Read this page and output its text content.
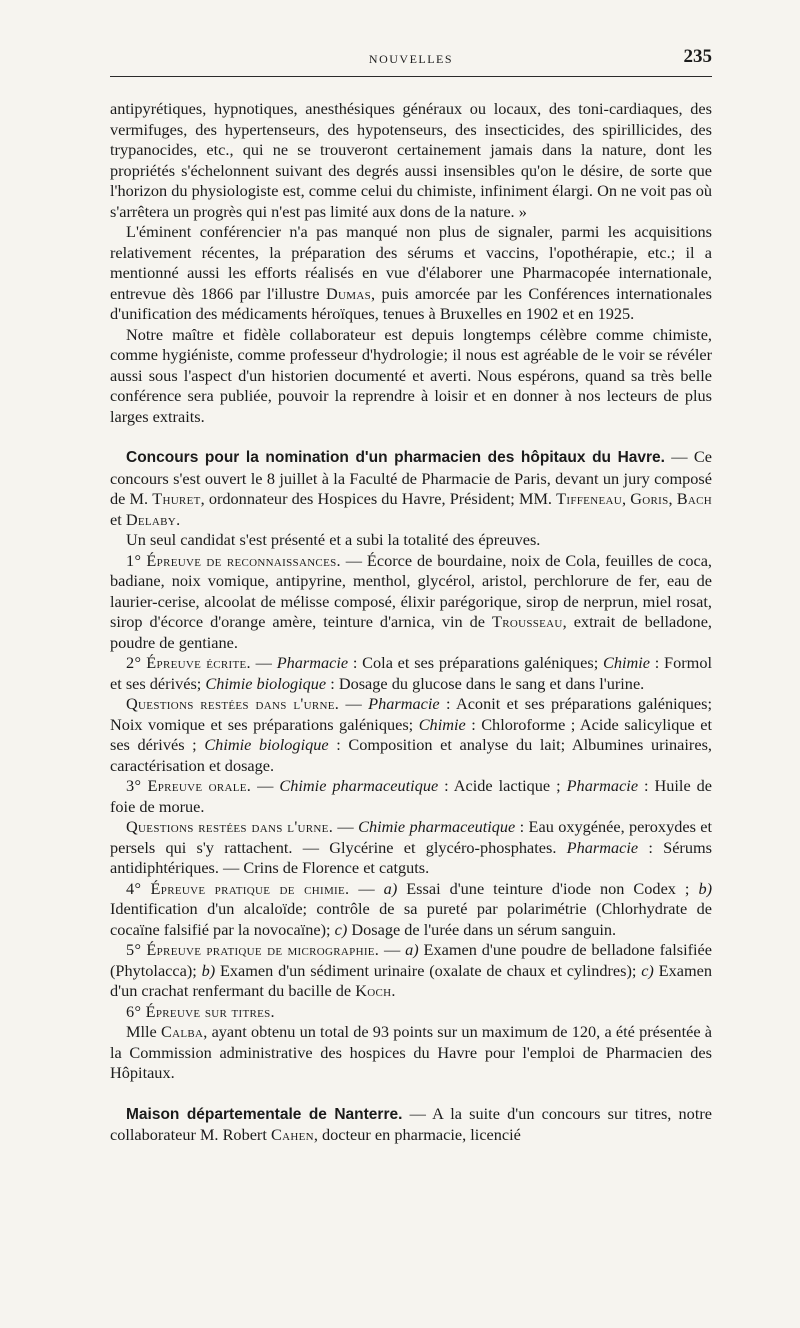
NOUVELLES	235

antipyrétiques, hypnotiques, anesthésiques généraux ou locaux, des toni-cardiaques, des vermifuges, des hypertenseurs, des hypotenseurs, des insecticides, des spirillicides, des trypanocides, etc., qui ne se trouveront certainement jamais dans la nature, dont les propriétés s'échelonnent suivant des degrés aussi insensibles qu'on le désire, de sorte que l'horizon du physiologiste est, comme celui du chimiste, infiniment élargi. On ne voit pas où s'arrêtera un progrès qui n'est pas limité aux dons de la nature. »

L'éminent conférencier n'a pas manqué non plus de signaler, parmi les acquisitions relativement récentes, la préparation des sérums et vaccins, l'opothérapie, etc.; il a mentionné aussi les efforts réalisés en vue d'élaborer une Pharmacopée internationale, entrevue dès 1866 par l'illustre Dumas, puis amorcée par les Conférences internationales d'unification des médicaments héroïques, tenues à Bruxelles en 1902 et en 1925.

Notre maître et fidèle collaborateur est depuis longtemps célèbre comme chimiste, comme hygiéniste, comme professeur d'hydrologie; il nous est agréable de le voir se révéler aussi sous l'aspect d'un historien documenté et averti. Nous espérons, quand sa très belle conférence sera publiée, pouvoir la reprendre à loisir et en donner à nos lecteurs de plus larges extraits.

Concours pour la nomination d'un pharmacien des hôpitaux du Havre. — Ce concours s'est ouvert le 8 juillet à la Faculté de Pharmacie de Paris, devant un jury composé de M. Thuret, ordonnateur des Hospices du Havre, Président; MM. Tiffeneau, Goris, Bach et Delaby.

Un seul candidat s'est présenté et a subi la totalité des épreuves.

1° Épreuve de reconnaissances. — Écorce de bourdaine, noix de Cola, feuilles de coca, badiane, noix vomique, antipyrine, menthol, glycérol, aristol, perchlorure de fer, eau de laurier-cerise, alcoolat de mélisse composé, élixir parégorique, sirop de nerprun, miel rosat, sirop d'écorce d'orange amère, teinture d'arnica, vin de Trousseau, extrait de belladone, poudre de gentiane.

2° Épreuve écrite. — Pharmacie : Cola et ses préparations galéniques; Chimie : Formol et ses dérivés; Chimie biologique : Dosage du glucose dans le sang et dans l'urine.

Questions restées dans l'urne. — Pharmacie : Aconit et ses préparations galéniques; Noix vomique et ses préparations galéniques; Chimie : Chloroforme ; Acide salicylique et ses dérivés ; Chimie biologique : Composition et analyse du lait; Albumines urinaires, caractérisation et dosage.

3° Epreuve orale. — Chimie pharmaceutique : Acide lactique ; Pharmacie : Huile de foie de morue.

Questions restées dans l'urne. — Chimie pharmaceutique : Eau oxygénée, peroxydes et persels qui s'y rattachent. — Glycérine et glycéro-phosphates. Pharmacie : Sérums antidiphtériques. — Crins de Florence et catguts.

4° Épreuve pratique de chimie. — a) Essai d'une teinture d'iode non Codex ; b) Identification d'un alcaloïde; contrôle de sa pureté par polarimétrie (Chlorhydrate de cocaïne falsifié par la novocaïne); c) Dosage de l'urée dans un sérum sanguin.

5° Épreuve pratique de micrographie. — a) Examen d'une poudre de belladone falsifiée (Phytolacca); b) Examen d'un sédiment urinaire (oxalate de chaux et cylindres); c) Examen d'un crachat renfermant du bacille de Koch.

6° Épreuve sur titres.

Mlle Calba, ayant obtenu un total de 93 points sur un maximum de 120, a été présentée à la Commission administrative des hospices du Havre pour l'emploi de Pharmacien des Hôpitaux.

Maison départementale de Nanterre. — A la suite d'un concours sur titres, notre collaborateur M. Robert Cahen, docteur en pharmacie, licencié
